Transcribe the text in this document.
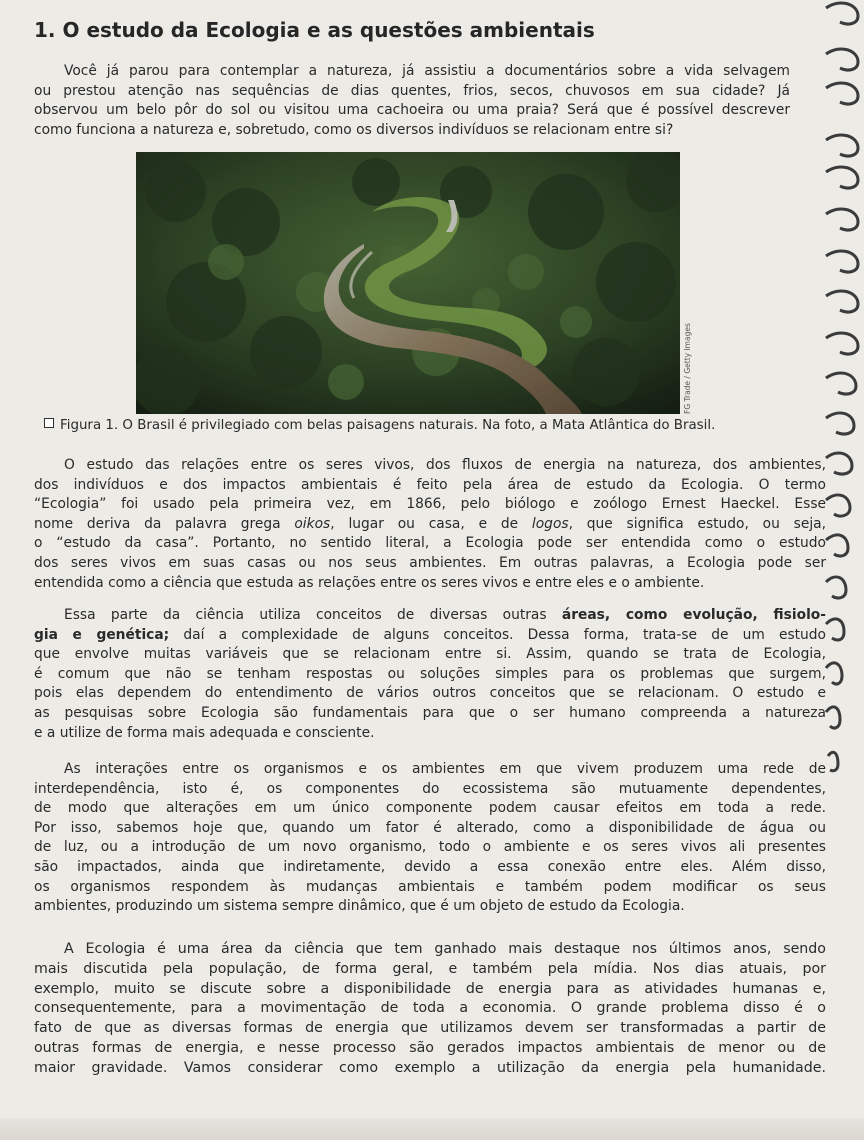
1. O estudo da Ecologia e as questões ambientais
Você já parou para contemplar a natureza, já assistiu a documentários sobre a vida selvagem
ou prestou atenção nas sequências de dias quentes, frios, secos, chuvosos em sua cidade? Já
observou um belo pôr do sol ou visitou uma cachoeira ou uma praia? Será que é possível descrever
como funciona a natureza e, sobretudo, como os diversos indivíduos se relacionam entre si?
FG Trade / Getty Images
Figura 1. O Brasil é privilegiado com belas paisagens naturais. Na foto, a Mata Atlântica do Brasil.
O estudo das relações entre os seres vivos, dos fluxos de energia na natureza, dos ambientes,
dos indivíduos e dos impactos ambientais é feito pela área de estudo da Ecologia. O termo
“Ecologia” foi usado pela primeira vez, em 1866, pelo biólogo e zoólogo Ernest Haeckel. Esse
nome deriva da palavra grega oikos, lugar ou casa, e de logos, que significa estudo, ou seja,
o “estudo da casa”. Portanto, no sentido literal, a Ecologia pode ser entendida como o estudo
dos seres vivos em suas casas ou nos seus ambientes. Em outras palavras, a Ecologia pode ser
entendida como a ciência que estuda as relações entre os seres vivos e entre eles e o ambiente.
Essa parte da ciência utiliza conceitos de diversas outras áreas, como evolução, fisiolo-
gia e genética; daí a complexidade de alguns conceitos. Dessa forma, trata-se de um estudo
que envolve muitas variáveis que se relacionam entre si. Assim, quando se trata de Ecologia,
é comum que não se tenham respostas ou soluções simples para os problemas que surgem,
pois elas dependem do entendimento de vários outros conceitos que se relacionam. O estudo e
as pesquisas sobre Ecologia são fundamentais para que o ser humano compreenda a natureza
e a utilize de forma mais adequada e consciente.
As interações entre os organismos e os ambientes em que vivem produzem uma rede de
interdependência, isto é, os componentes do ecossistema são mutuamente dependentes,
de modo que alterações em um único componente podem causar efeitos em toda a rede.
Por isso, sabemos hoje que, quando um fator é alterado, como a disponibilidade de água ou
de luz, ou a introdução de um novo organismo, todo o ambiente e os seres vivos ali presentes
são impactados, ainda que indiretamente, devido a essa conexão entre eles. Além disso,
os organismos respondem às mudanças ambientais e também podem modificar os seus
ambientes, produzindo um sistema sempre dinâmico, que é um objeto de estudo da Ecologia.
A Ecologia é uma área da ciência que tem ganhado mais destaque nos últimos anos, sendo
mais discutida pela população, de forma geral, e também pela mídia. Nos dias atuais, por
exemplo, muito se discute sobre a disponibilidade de energia para as atividades humanas e,
consequentemente, para a movimentação de toda a economia. O grande problema disso é o
fato de que as diversas formas de energia que utilizamos devem ser transformadas a partir de
outras formas de energia, e nesse processo são gerados impactos ambientais de menor ou de
maior gravidade. Vamos considerar como exemplo a utilização da energia pela humanidade.
